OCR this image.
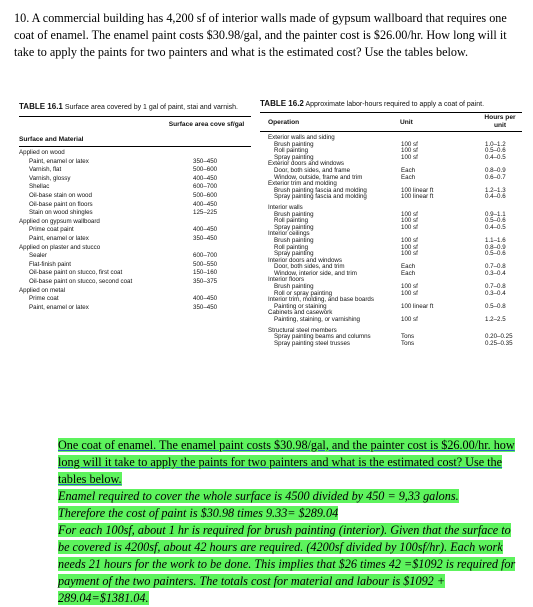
10. A commercial building has 4,200 sf of interior walls made of gypsum wallboard that requires one coat of enamel. The enamel paint costs $30.98/gal, and the painter cost is $26.00/hr. How long will it take to apply the paints for two painters and what is the estimated cost? Use the tables below.
TABLE 16.1 Surface area covered by 1 gal of paint, stai and varnish.
Surface and Material
Surface area cove sf/gal
Applied on wood
Paint, enamel or latex	350–450
Varnish, flat	500–600
Varnish, glossy	400–450
Shellac	600–700
Oil-base stain on wood	500–600
Oil-base paint on floors	400–450
Stain on wood shingles	125–225
Applied on gypsum wallboard
Prime coat paint	400–450
Paint, enamel or latex	350–450
Applied on plaster and stucco
Sealer	600–700
Flat-finish paint	500–550
Oil-base paint on stucco, first coat	150–160
Oil-base paint on stucco, second coat	350–375
Applied on metal
Prime coat	400–450
Paint, enamel or latex	350–450
TABLE 16.2 Approximate labor-hours required to apply a coat of paint.
Operation	Unit
Hours per unit
Exterior walls and siding
Brush painting	100 sf	1.0–1.2
Roll painting	100 sf	0.5–0.6
Spray painting	100 sf	0.4–0.5
Exterior doors and windows
Door, both sides, and frame	Each	0.8–0.9
Window, outside, frame and trim	Each	0.6–0.7
Exterior trim and molding
Brush painting fascia and molding	100 linear ft	1.2–1.3
Spray painting fascia and molding	100 linear ft	0.4–0.6
Interior walls
Brush painting	100 sf	0.9–1.1
Roll painting	100 sf	0.5–0.6
Spray painting	100 sf	0.4–0.5
Interior ceilings
Brush painting	100 sf	1.1–1.6
Roll painting	100 sf	0.8–0.9
Spray painting	100 sf	0.5–0.6
Interior doors and windows
Door, both sides, and trim	Each	0.7–0.8
Window, interior side, and trim	Each	0.3–0.4
Interior floors
Brush painting	100 sf	0.7–0.8
Roll or spray painting	100 sf	0.3–0.4
Interior trim, molding, and base boards
Painting or staining	100 linear ft	0.5–0.8
Cabinets and casework
Painting, staining, or varnishing	100 sf	1.2–2.5
Structural steel members
Spray painting beams and columns	Tons	0.20–0.25
Spray painting steel trusses	Tons	0.25–0.35
One coat of enamel. The enamel paint costs $30.98/gal, and the painter cost is $26.00/hr. how long will it take to apply the paints for two painters and what is the estimated cost? Use the tables below.
Enamel required to cover the whole surface is 4500 divided by 450 = 9,33 galons.
Therefore the cost of paint is $30.98 times 9.33= $289.04
For each 100sf, about 1 hr is required for brush painting (interior). Given that the surface to be covered is 4200sf, about 42 hours are required. (4200sf divided by 100sf/hr). Each work needs 21 hours for the work to be done. This implies that $26 times 42 =$1092 is required for payment of the two painters. The totals cost for material and labour is $1092 + 289.04=$1381.04.
